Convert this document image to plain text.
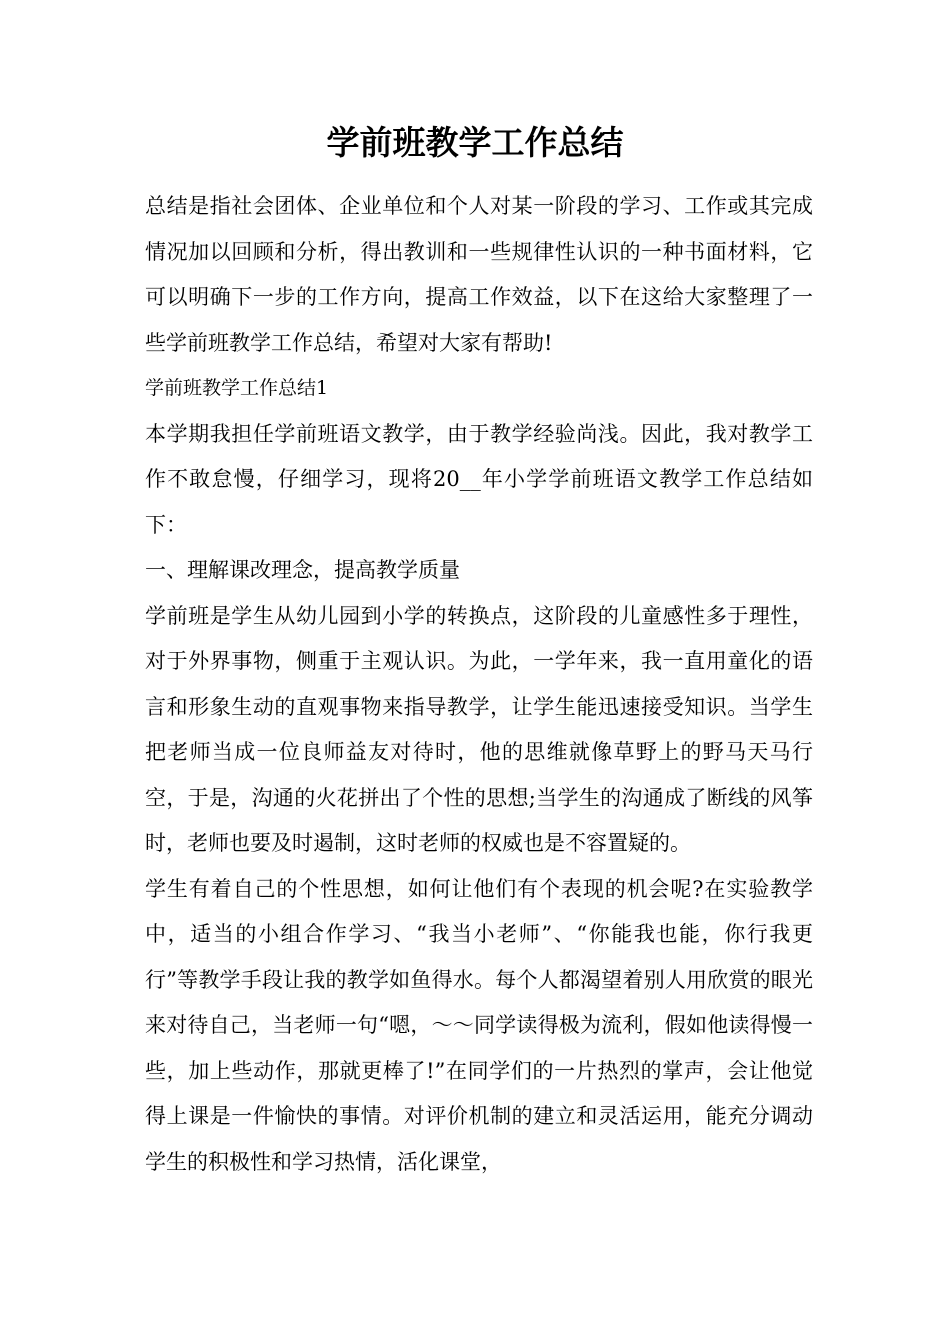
学前班教学工作总结

总结是指社会团体、企业单位和个人对某一阶段的学习、工作或其完成情况加以回顾和分析，得出教训和一些规律性认识的一种书面材料，它可以明确下一步的工作方向，提高工作效益，以下在这给大家整理了一些学前班教学工作总结，希望对大家有帮助!

学前班教学工作总结1

本学期我担任学前班语文教学，由于教学经验尚浅。因此，我对教学工作不敢怠慢，仔细学习，现将20__年小学学前班语文教学工作总结如下：

一、理解课改理念，提高教学质量

学前班是学生从幼儿园到小学的转换点，这阶段的儿童感性多于理性，对于外界事物，侧重于主观认识。为此，一学年来，我一直用童化的语言和形象生动的直观事物来指导教学，让学生能迅速接受知识。当学生把老师当成一位良师益友对待时，他的思维就像草野上的野马天马行空，于是，沟通的火花拼出了个性的思想;当学生的沟通成了断线的风筝时，老师也要及时遏制，这时老师的权威也是不容置疑的。

学生有着自己的个性思想，如何让他们有个表现的机会呢?在实验教学中，适当的小组合作学习、“我当小老师”、“你能我也能，你行我更行”等教学手段让我的教学如鱼得水。每个人都渴望着别人用欣赏的眼光来对待自己，当老师一句“嗯，～～同学读得极为流利，假如他读得慢一些，加上些动作，那就更棒了!”在同学们的一片热烈的掌声，会让他觉得上课是一件愉快的事情。对评价机制的建立和灵活运用，能充分调动学生的积极性和学习热情，活化课堂，
